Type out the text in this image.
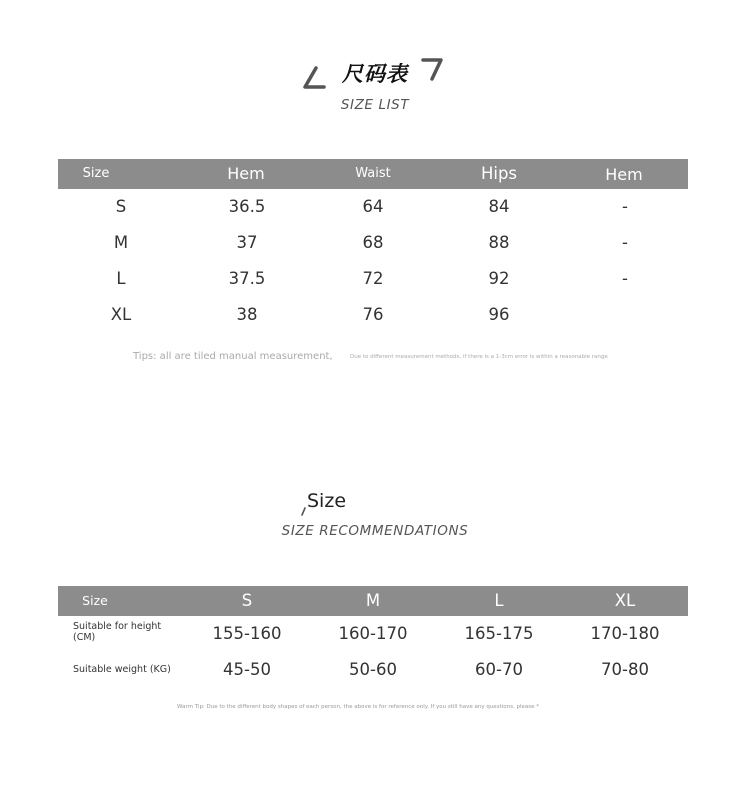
尺码表
SIZE LIST
Size	Hem	Waist	Hips	Hem
S	36.5	64	84	-
M	37	68	88	-
L	37.5	72	92	-
XL	38	76	96
Tips: all are tiled manual measurement,	Due to different measurement methods, if there is a 1-3cm error is within a reasonable range
Size
SIZE RECOMMENDATIONS
Size	S	M	L	XL
Suitable for height (CM)	155-160	160-170	165-175	170-180
Suitable weight (KG)	45-50	50-60	60-70	70-80
Warm Tip: Due to the different body shapes of each person, the above is for reference only. If you still have any questions, please *
